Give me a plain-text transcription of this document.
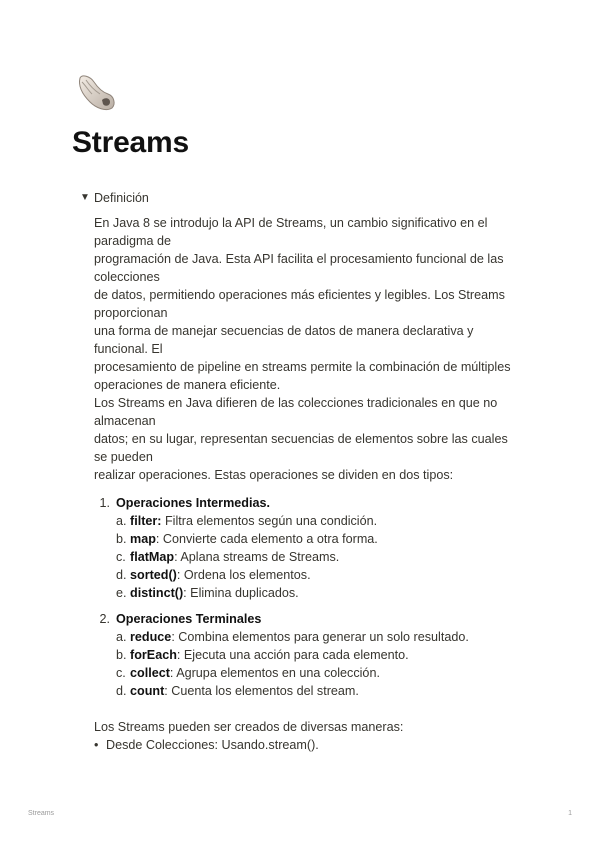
Streams
▼ Definición
En Java 8 se introdujo la API de Streams, un cambio significativo en el
paradigma de
programación de Java. Esta API facilita el procesamiento funcional de las
colecciones
de datos, permitiendo operaciones más eficientes y legibles. Los Streams
proporcionan
una forma de manejar secuencias de datos de manera declarativa y
funcional. El
procesamiento de pipeline en streams permite la combinación de múltiples
operaciones de manera eficiente.
Los Streams en Java difieren de las colecciones tradicionales en que no
almacenan
datos; en su lugar, representan secuencias de elementos sobre las cuales
se pueden
realizar operaciones. Estas operaciones se dividen en dos tipos:
1. Operaciones Intermedias.
a. filter: Filtra elementos según una condición.
b. map: Convierte cada elemento a otra forma.
c. flatMap: Aplana streams de Streams.
d. sorted(): Ordena los elementos.
e. distinct(): Elimina duplicados.
2. Operaciones Terminales
a. reduce: Combina elementos para generar un solo resultado.
b. forEach: Ejecuta una acción para cada elemento.
c. collect: Agrupa elementos en una colección.
d. count: Cuenta los elementos del stream.
Los Streams pueden ser creados de diversas maneras:
• Desde Colecciones: Usando.stream().
Streams	1
